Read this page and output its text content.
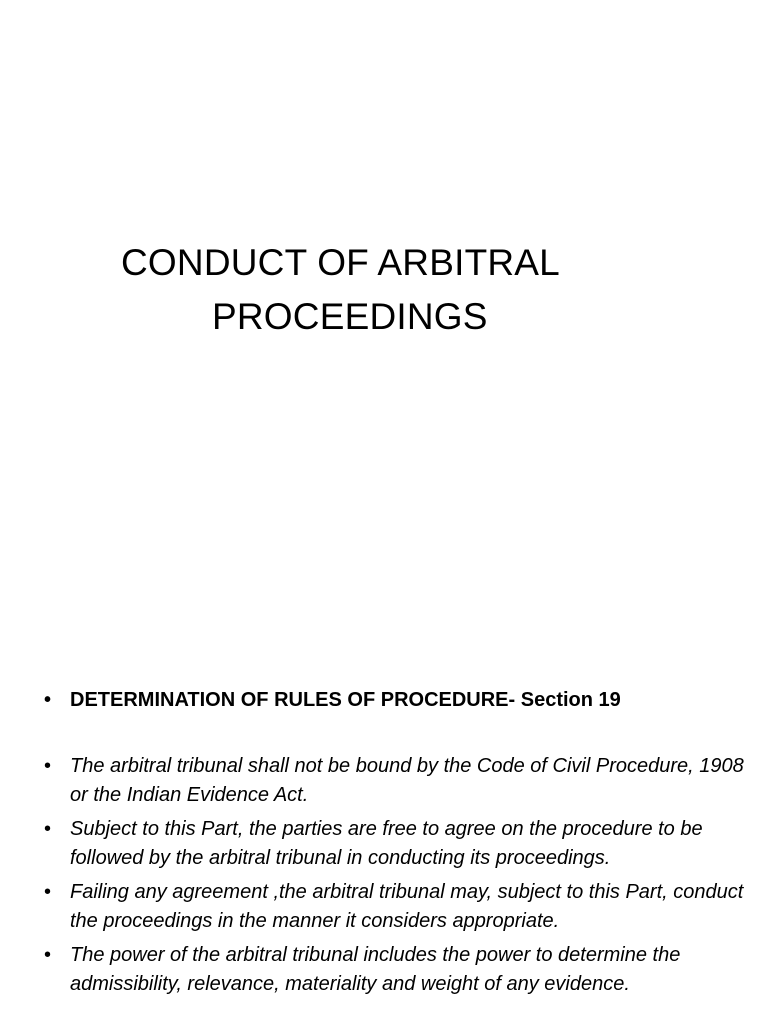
CONDUCT OF ARBITRAL
PROCEEDINGS
• DETERMINATION OF RULES OF PROCEDURE- Section 19
• The arbitral tribunal shall not be bound by the Code of Civil Procedure, 1908 or the Indian Evidence Act.
• Subject to this Part, the parties are free to agree on the procedure to be followed by the arbitral tribunal in conducting its proceedings.
• Failing any agreement ,the arbitral tribunal may, subject to this Part, conduct the proceedings in the manner it considers appropriate.
• The power of the arbitral tribunal includes the power to determine the admissibility, relevance, materiality and weight of any evidence.
